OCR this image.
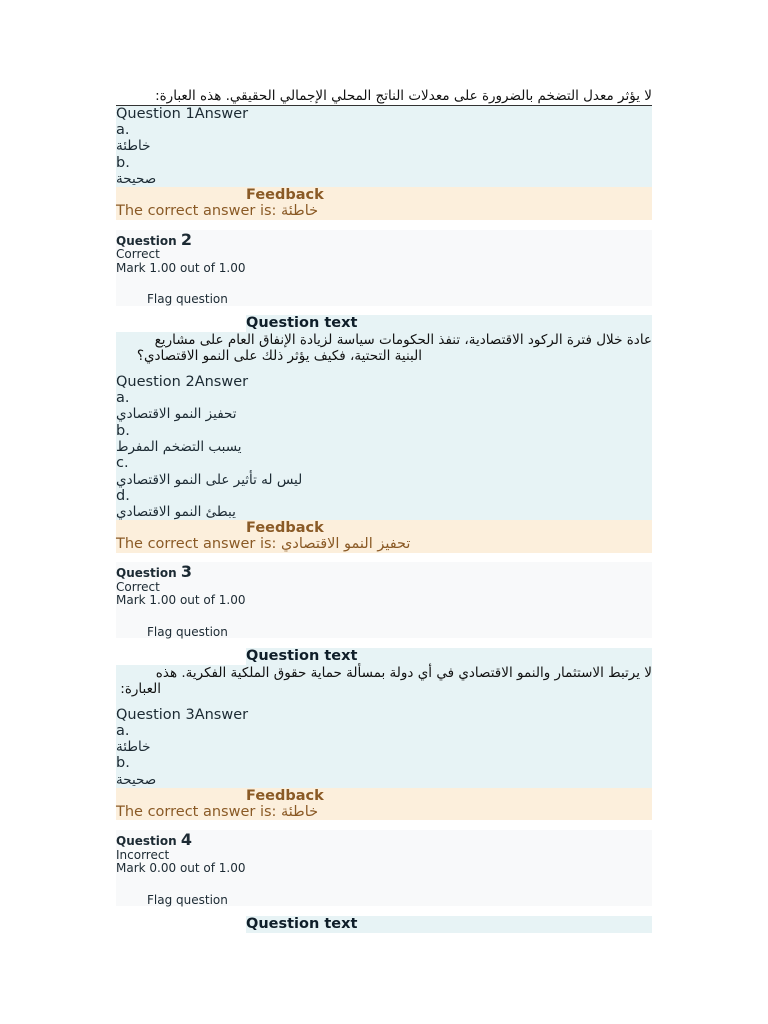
لا يؤثر معدل التضخم بالضرورة على معدلات الناتج المحلي الإجمالي الحقيقي. هذه العبارة:
Question 1Answer
a.
خاطئة
b.
صحيحة
Feedback
The correct answer is: خاطئة
Question 2
Correct
Mark 1.00 out of 1.00
Flag question
Question text
عادة خلال فترة الركود الاقتصادية، تنفذ الحكومات سياسة لزيادة الإنفاق العام على مشاريع
البنية التحتية، فكيف يؤثر ذلك على النمو الاقتصادي؟
Question 2Answer
a.
تحفيز النمو الاقتصادي
b.
يسبب التضخم المفرط
c.
ليس له تأثير على النمو الاقتصادي
d.
يبطئ النمو الاقتصادي
Feedback
The correct answer is: تحفيز النمو الاقتصادي
Question 3
Correct
Mark 1.00 out of 1.00
Flag question
Question text
لا يرتبط الاستثمار والنمو الاقتصادي في أي دولة بمسألة حماية حقوق الملكية الفكرية. هذه
العبارة:
Question 3Answer
a.
خاطئة
b.
صحيحة
Feedback
The correct answer is: خاطئة
Question 4
Incorrect
Mark 0.00 out of 1.00
Flag question
Question text
